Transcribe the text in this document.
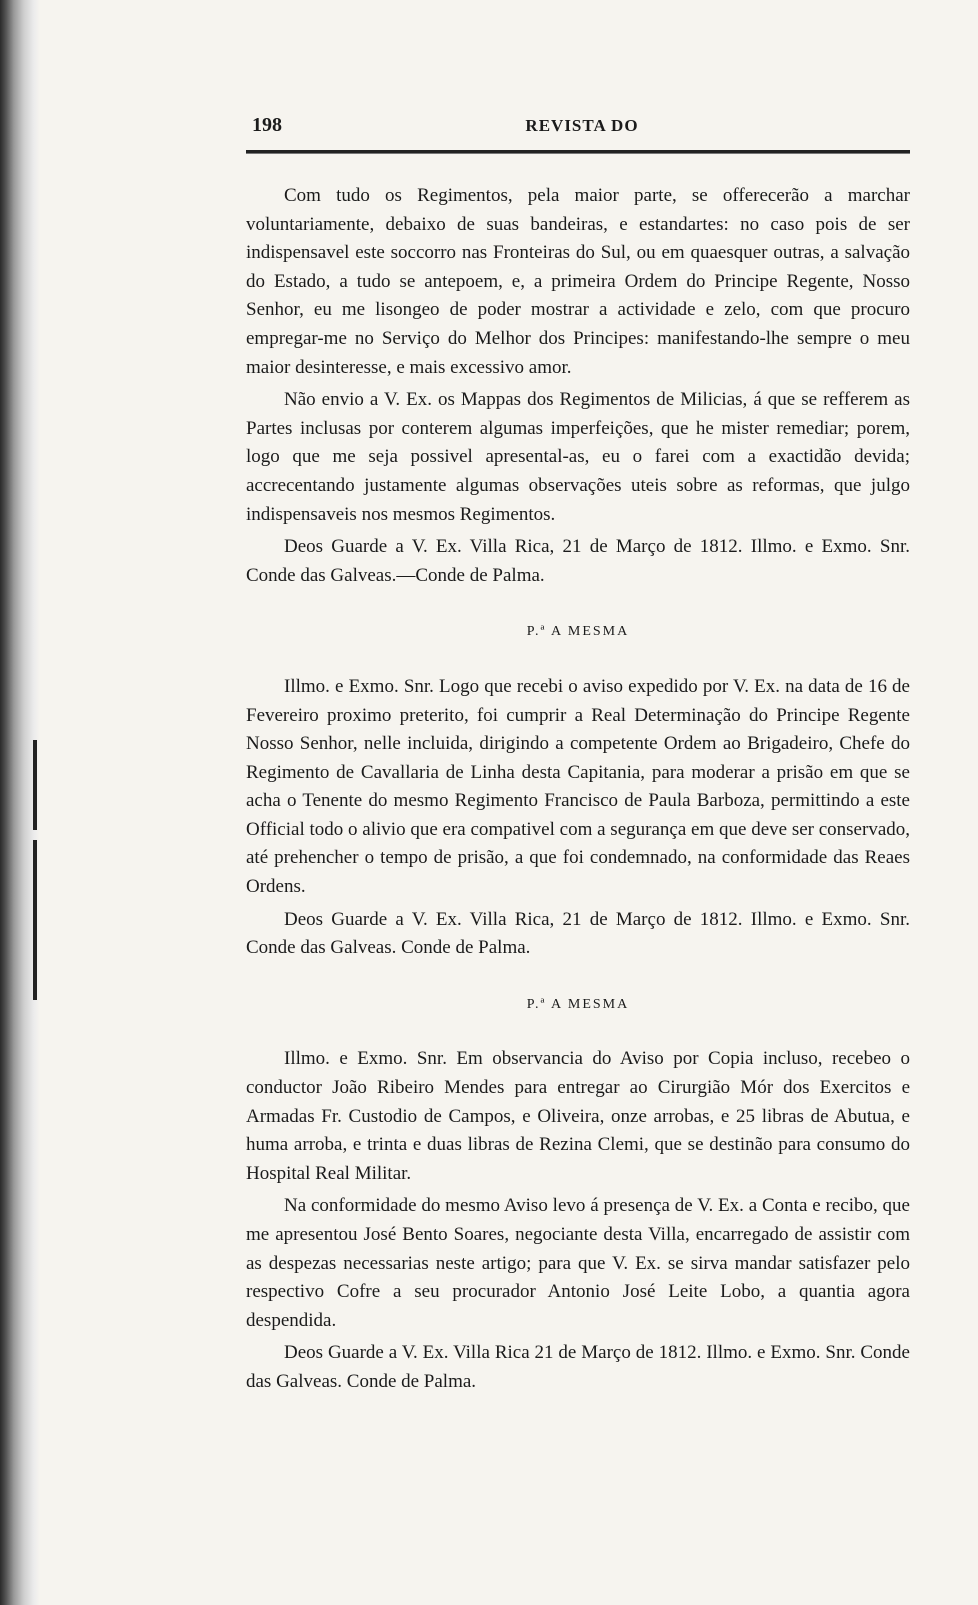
198	REVISTA DO

Com tudo os Regimentos, pela maior parte, se offerecerão a marchar voluntariamente, debaixo de suas bandeiras, e estandartes: no caso pois de ser indispensavel este soccorro nas Fronteiras do Sul, ou em quaesquer outras, a salvação do Estado, a tudo se antepoem, e, a primeira Ordem do Principe Regente, Nosso Senhor, eu me lisongeo de poder mostrar a actividade e zelo, com que procuro empregar-me no Serviço do Melhor dos Principes: manifestando-lhe sempre o meu maior desinteresse, e mais excessivo amor.

Não envio a V. Ex. os Mappas dos Regimentos de Milicias, á que se refferem as Partes inclusas por conterem algumas imperfeições, que he mister remediar; porem, logo que me seja possivel apresental-as, eu o farei com a exactidão devida; accrecentando justamente algumas observações uteis sobre as reformas, que julgo indispensaveis nos mesmos Regimentos.

Deos Guarde a V. Ex. Villa Rica, 21 de Março de 1812. Illmo. e Exmo. Snr. Conde das Galveas.—Conde de Palma.

P.ª A MESMA

Illmo. e Exmo. Snr. Logo que recebi o aviso expedido por V. Ex. na data de 16 de Fevereiro proximo preterito, foi cumprir a Real Determinação do Principe Regente Nosso Senhor, nelle incluida, dirigindo a competente Ordem ao Brigadeiro, Chefe do Regimento de Cavallaria de Linha desta Capitania, para moderar a prisão em que se acha o Tenente do mesmo Regimento Francisco de Paula Barboza, permittindo a este Official todo o alivio que era compativel com a segurança em que deve ser conservado, até prehencher o tempo de prisão, a que foi condemnado, na conformidade das Reaes Ordens.

Deos Guarde a V. Ex. Villa Rica, 21 de Março de 1812. Illmo. e Exmo. Snr. Conde das Galveas. Conde de Palma.

P.ª A MESMA

Illmo. e Exmo. Snr. Em observancia do Aviso por Copia incluso, recebeo o conductor João Ribeiro Mendes para entregar ao Cirurgião Mór dos Exercitos e Armadas Fr. Custodio de Campos, e Oliveira, onze arrobas, e 25 libras de Abutua, e huma arroba, e trinta e duas libras de Rezina Clemi, que se destinão para consumo do Hospital Real Militar.

Na conformidade do mesmo Aviso levo á presença de V. Ex. a Conta e recibo, que me apresentou José Bento Soares, negociante desta Villa, encarregado de assistir com as despezas necessarias neste artigo; para que V. Ex. se sirva mandar satisfazer pelo respectivo Cofre a seu procurador Antonio José Leite Lobo, a quantia agora despendida.

Deos Guarde a V. Ex. Villa Rica 21 de Março de 1812. Illmo. e Exmo. Snr. Conde das Galveas. Conde de Palma.
